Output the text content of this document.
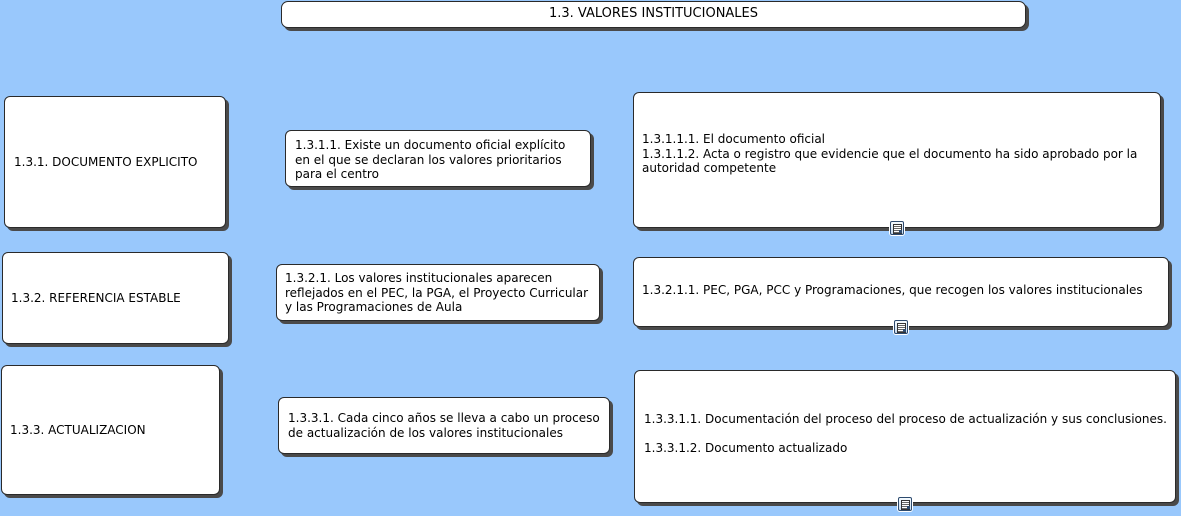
1.3. VALORES INSTITUCIONALES
1.3.1. DOCUMENTO EXPLICITO
1.3.1.1. Existe un documento oficial explícito en el que se declaran los valores prioritarios para el centro
1.3.1.1.1. El documento oficial
1.3.1.1.2. Acta o registro que evidencie que el documento ha sido aprobado por la autoridad competente
1.3.2. REFERENCIA ESTABLE
1.3.2.1. Los valores institucionales aparecen reflejados en el PEC, la PGA, el Proyecto Curricular y las Programaciones de Aula
1.3.2.1.1. PEC, PGA, PCC y Programaciones, que recogen los valores institucionales
1.3.3. ACTUALIZACION
1.3.3.1. Cada cinco años se lleva a cabo un proceso de actualización de los valores institucionales
1.3.3.1.1. Documentación del proceso del proceso de actualización y sus conclusiones.

1.3.3.1.2. Documento actualizado
